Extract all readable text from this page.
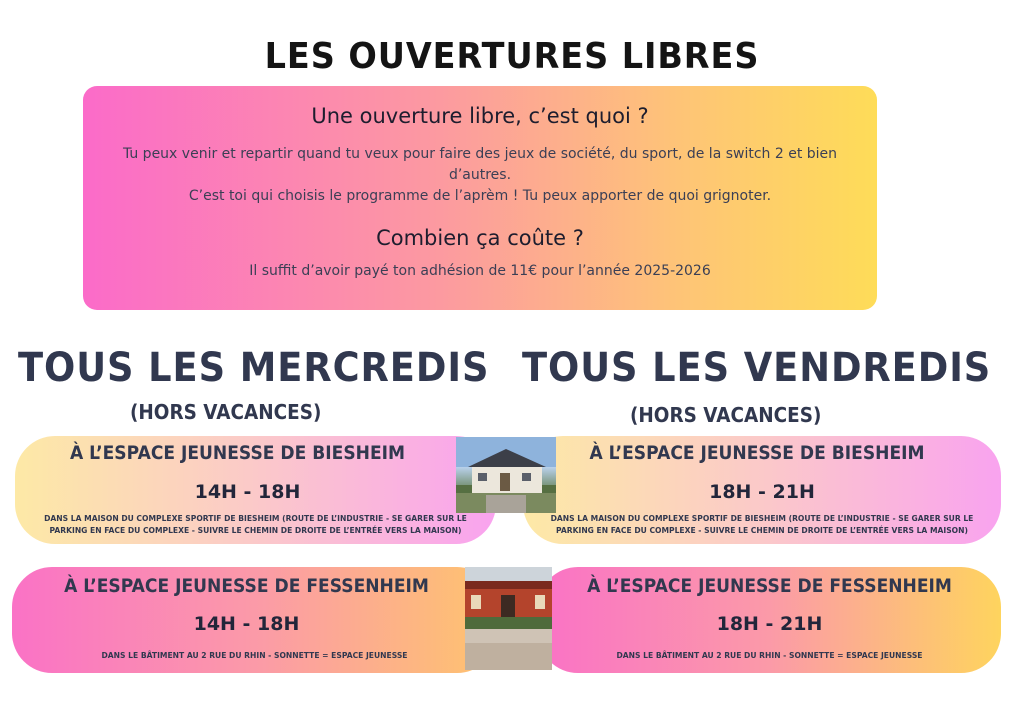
LES OUVERTURES LIBRES
Une ouverture libre, c’est quoi ?
Tu peux venir et repartir quand tu veux pour faire des jeux de société, du sport, de la switch 2 et bien d’autres.
C’est toi qui choisis le programme de l’aprèm ! Tu peux apporter de quoi grignoter.
Combien ça coûte ?
Il suffit d’avoir payé ton adhésion de 11€ pour l’année 2025-2026
TOUS LES MERCREDIS
(HORS VACANCES)
TOUS LES VENDREDIS
(HORS VACANCES)
À L’ESPACE JEUNESSE DE BIESHEIM
14H - 18H
DANS LA MAISON DU COMPLEXE SPORTIF DE BIESHEIM (ROUTE DE L’INDUSTRIE - SE GARER SUR LE PARKING EN FACE DU COMPLEXE - SUIVRE LE CHEMIN DE DROITE DE L’ENTRÉE VERS LA MAISON)
À L’ESPACE JEUNESSE DE BIESHEIM
18H - 21H
DANS LA MAISON DU COMPLEXE SPORTIF DE BIESHEIM (ROUTE DE L’INDUSTRIE - SE GARER SUR LE PARKING EN FACE DU COMPLEXE - SUIVRE LE CHEMIN DE DROITE DE L’ENTRÉE VERS LA MAISON)
À L’ESPACE JEUNESSE DE FESSENHEIM
14H - 18H
DANS LE BÂTIMENT AU 2 RUE DU RHIN - SONNETTE = ESPACE JEUNESSE
À L’ESPACE JEUNESSE DE FESSENHEIM
18H - 21H
DANS LE BÂTIMENT AU 2 RUE DU RHIN - SONNETTE = ESPACE JEUNESSE
